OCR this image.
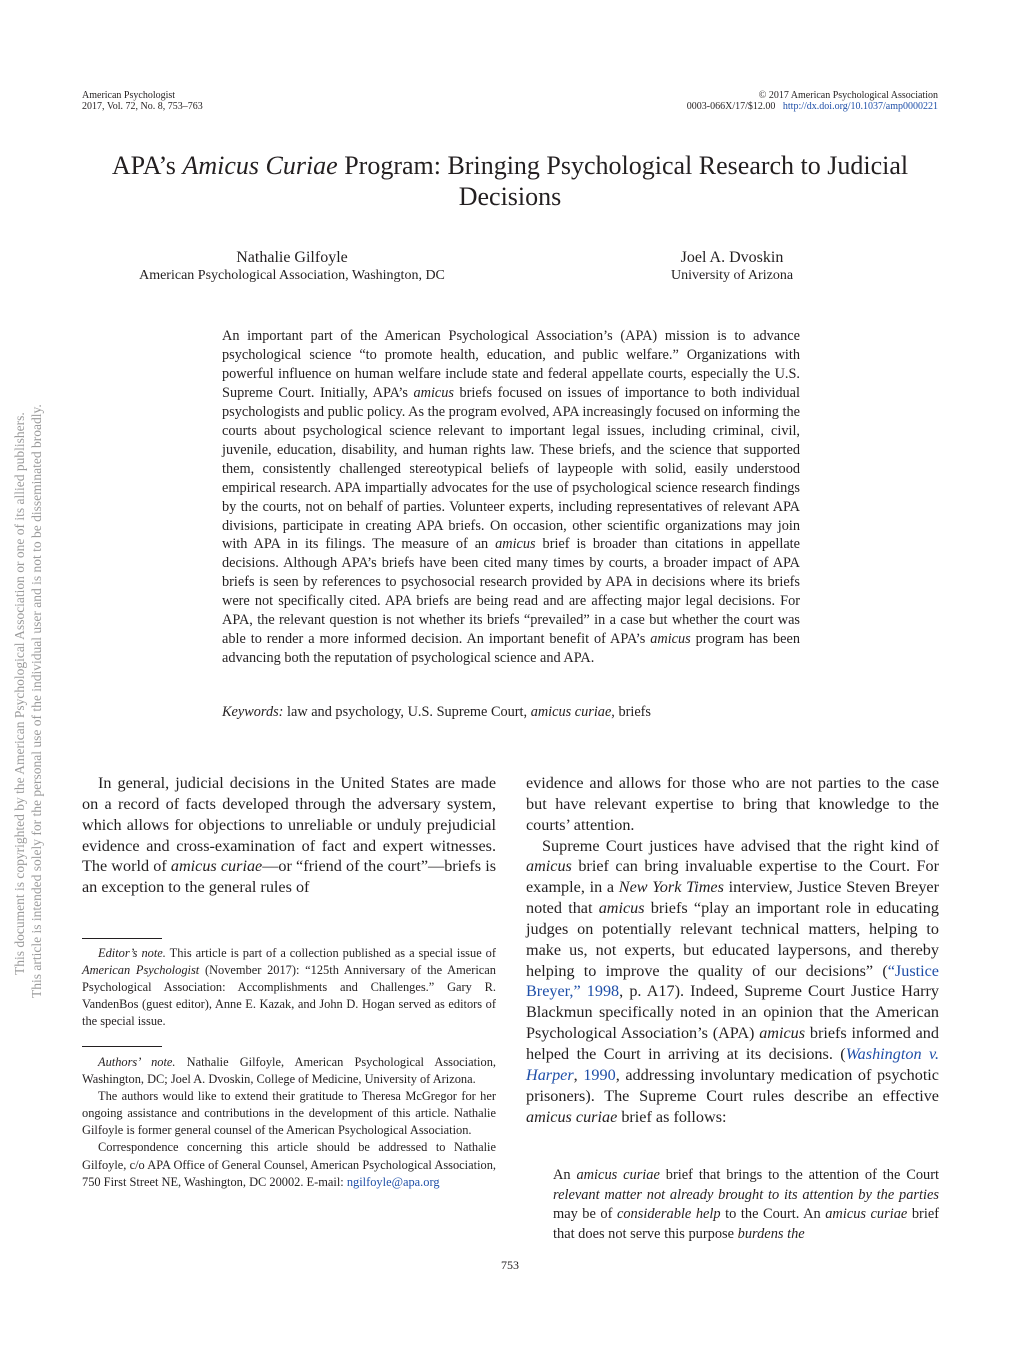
American Psychologist
2017, Vol. 72, No. 8, 753–763
© 2017 American Psychological Association
0003-066X/17/$12.00 http://dx.doi.org/10.1037/amp0000221
APA’s Amicus Curiae Program: Bringing Psychological Research to Judicial Decisions
Nathalie Gilfoyle
American Psychological Association, Washington, DC
Joel A. Dvoskin
University of Arizona

An important part of the American Psychological Association’s (APA) mission is to advance psychological science “to promote health, education, and public welfare.” Organizations with powerful influence on human welfare include state and federal appellate courts, especially the U.S. Supreme Court. Initially, APA’s amicus briefs focused on issues of importance to both individual psychologists and public policy. As the program evolved, APA increasingly focused on informing the courts about psychological science relevant to important legal issues, including criminal, civil, juvenile, education, disability, and human rights law. These briefs, and the science that supported them, consistently challenged stereotypical beliefs of laypeople with solid, easily understood empirical research. APA impartially advocates for the use of psychological science research findings by the courts, not on behalf of parties. Volunteer experts, including representatives of relevant APA divisions, participate in creating APA briefs. On occasion, other scientific organizations may join with APA in its filings. The measure of an amicus brief is broader than citations in appellate decisions. Although APA’s briefs have been cited many times by courts, a broader impact of APA briefs is seen by references to psychosocial research provided by APA in decisions where its briefs were not specifically cited. APA briefs are being read and are affecting major legal decisions. For APA, the relevant question is not whether its briefs “prevailed” in a case but whether the court was able to render a more informed decision. An important benefit of APA’s amicus program has been advancing both the reputation of psychological science and APA.

Keywords: law and psychology, U.S. Supreme Court, amicus curiae, briefs

In general, judicial decisions in the United States are made on a record of facts developed through the adversary system, which allows for objections to unreliable or unduly prejudicial evidence and cross-examination of fact and expert witnesses. The world of amicus curiae—or “friend of the court”—briefs is an exception to the general rules of

Editor’s note. This article is part of a collection published as a special issue of American Psychologist (November 2017): “125th Anniversary of the American Psychological Association: Accomplishments and Challenges.” Gary R. VandenBos (guest editor), Anne E. Kazak, and John D. Hogan served as editors of the special issue.

Authors’ note. Nathalie Gilfoyle, American Psychological Association, Washington, DC; Joel A. Dvoskin, College of Medicine, University of Arizona.

The authors would like to extend their gratitude to Theresa McGregor for her ongoing assistance and contributions in the development of this article. Nathalie Gilfoyle is former general counsel of the American Psychological Association.

Correspondence concerning this article should be addressed to Nathalie Gilfoyle, c/o APA Office of General Counsel, American Psychological Association, 750 First Street NE, Washington, DC 20002. E-mail: ngilfoyle@apa.org

evidence and allows for those who are not parties to the case but have relevant expertise to bring that knowledge to the courts’ attention.

Supreme Court justices have advised that the right kind of amicus brief can bring invaluable expertise to the Court. For example, in a New York Times interview, Justice Steven Breyer noted that amicus briefs “play an important role in educating judges on potentially relevant technical matters, helping to make us, not experts, but educated laypersons, and thereby helping to improve the quality of our decisions” (“Justice Breyer,” 1998, p. A17). Indeed, Supreme Court Justice Harry Blackmun specifically noted in an opinion that the American Psychological Association’s (APA) amicus briefs informed and helped the Court in arriving at its decisions. (Washington v. Harper, 1990, addressing involuntary medication of psychotic prisoners). The Supreme Court rules describe an effective amicus curiae brief as follows:

An amicus curiae brief that brings to the attention of the Court relevant matter not already brought to its attention by the parties may be of considerable help to the Court. An amicus curiae brief that does not serve this purpose burdens the

753
This document is copyrighted by the American Psychological Association or one of its allied publishers. This article is intended solely for the personal use of the individual user and is not to be disseminated broadly.
